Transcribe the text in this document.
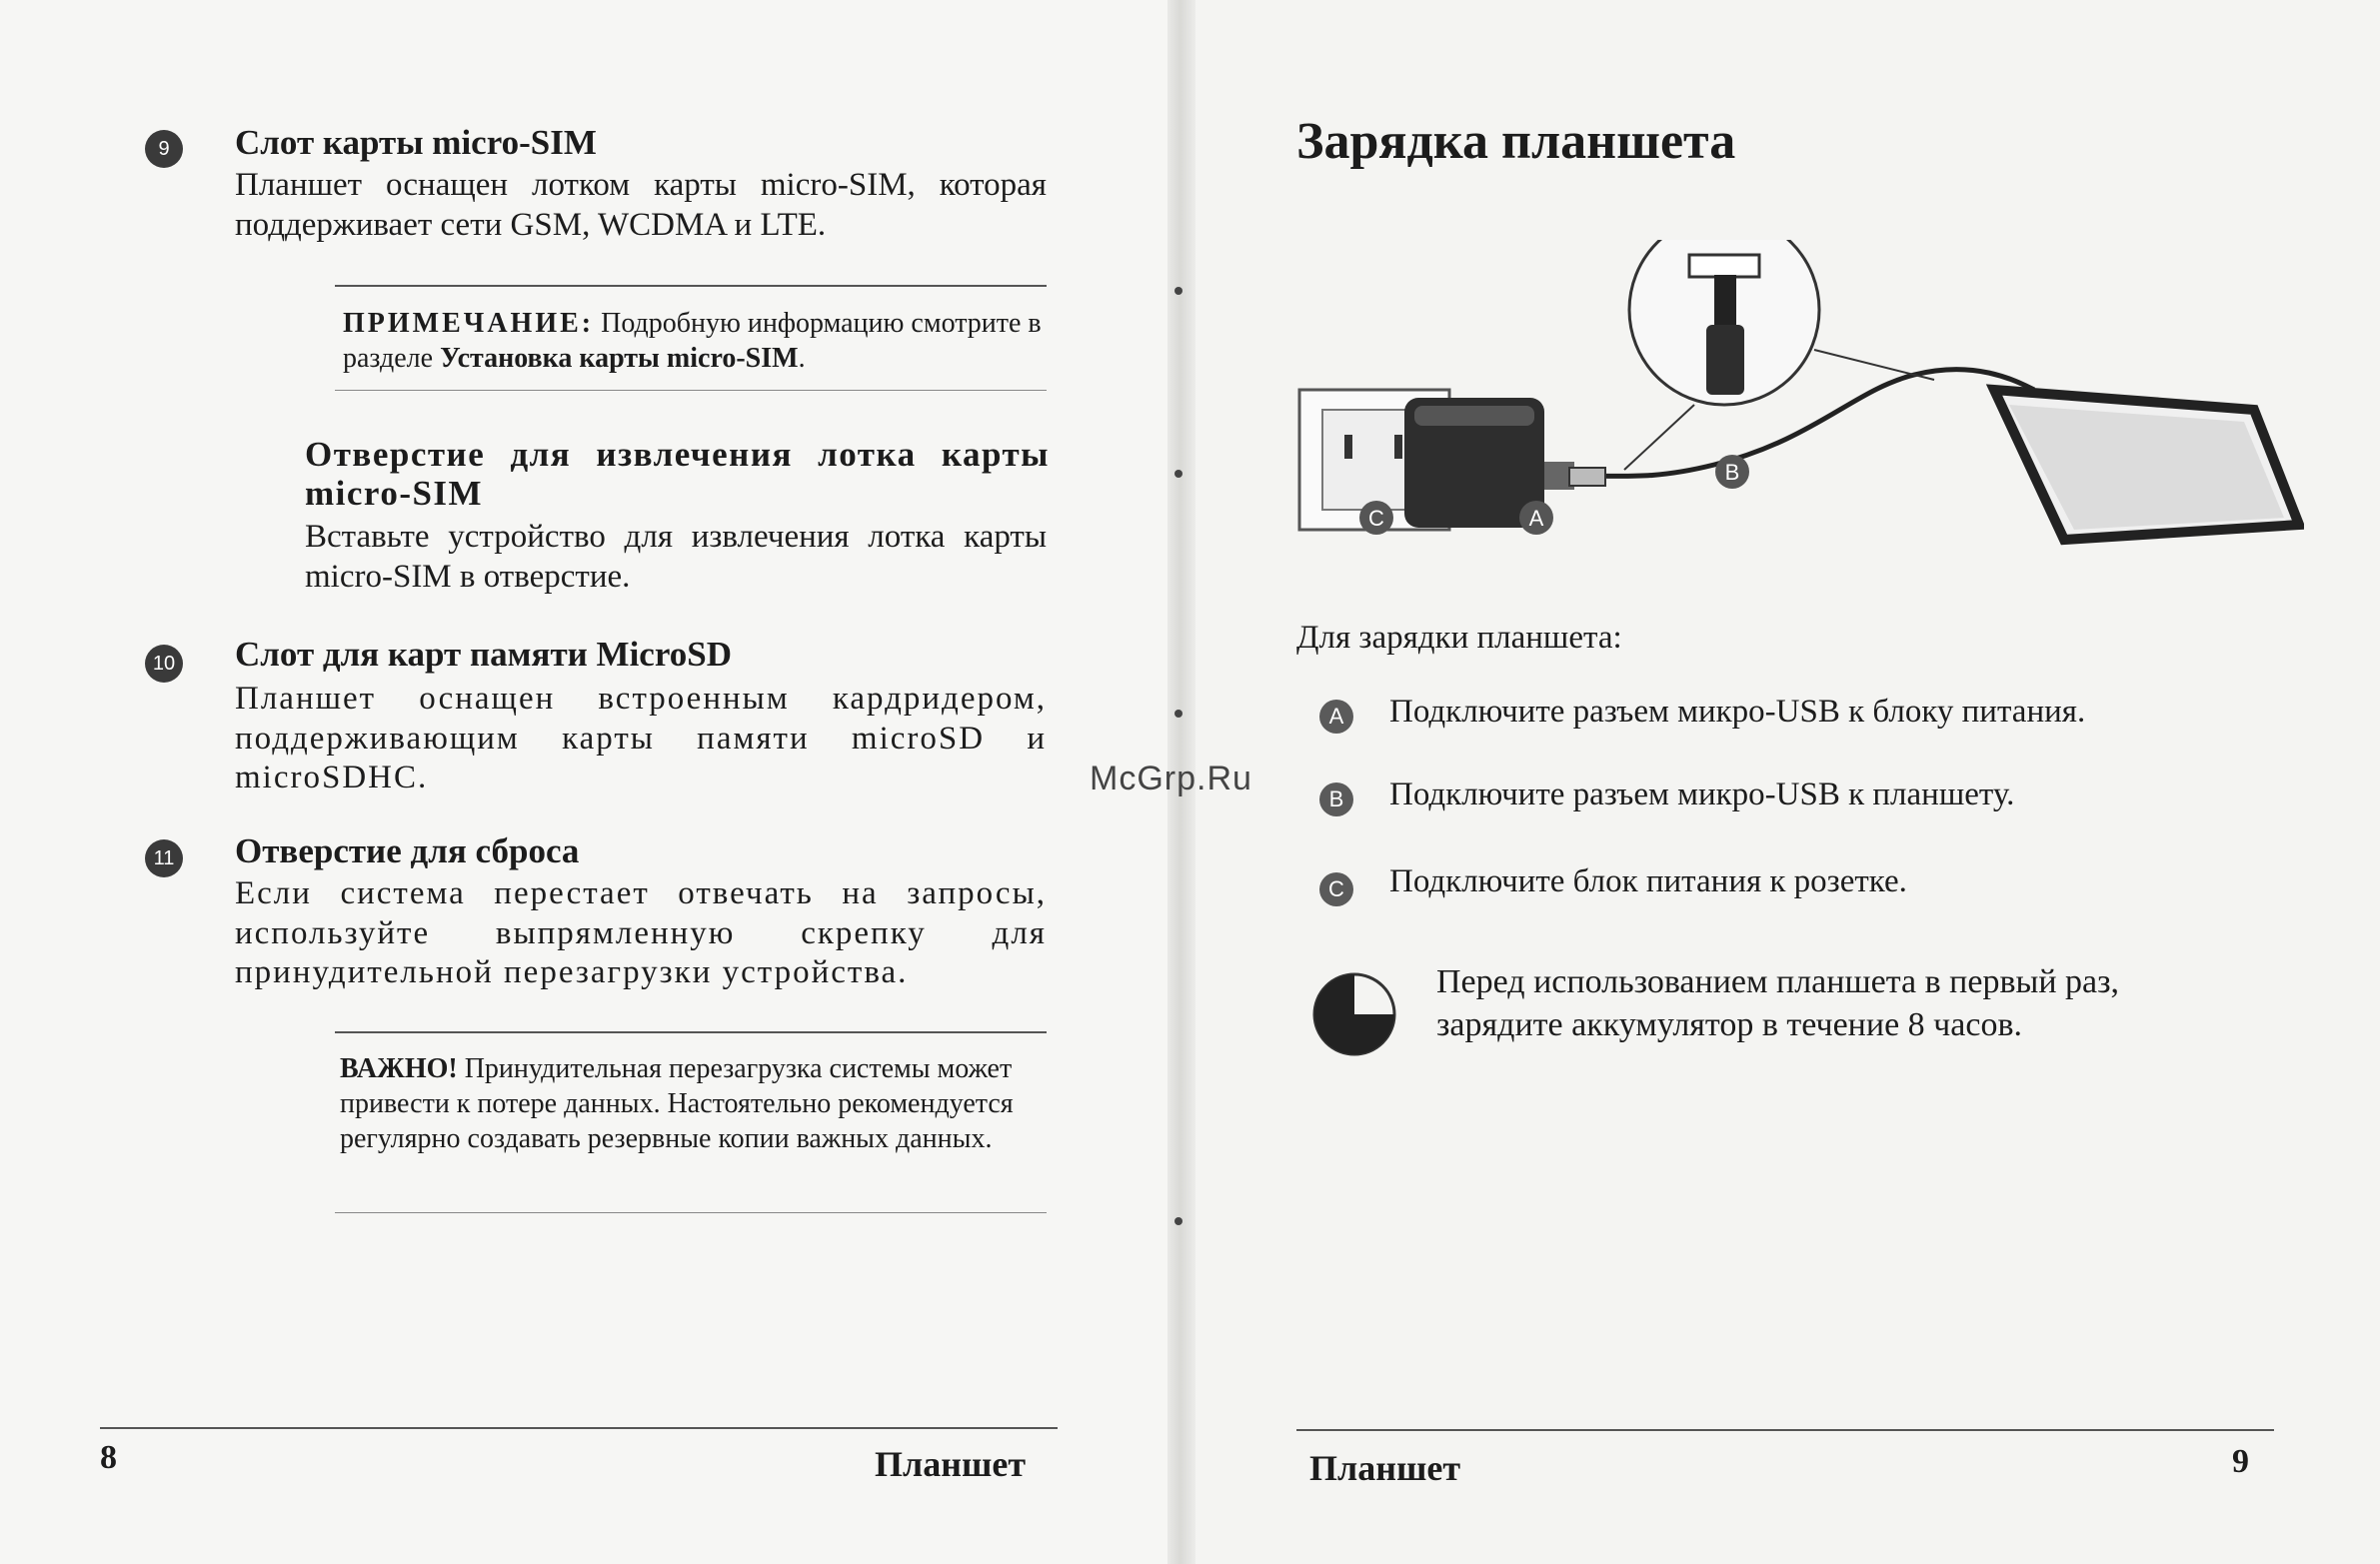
9	Слот карты micro-SIM
Планшет оснащен лотком карты micro-SIM, которая поддерживает сети GSM, WCDMA и LTE.
ПРИМЕЧАНИЕ: Подробную информацию смотрите в разделе Установка карты micro-SIM.
Отверстие для извлечения лотка карты micro-SIM
Вставьте устройство для извлечения лотка карты micro-SIM в отверстие.
10 Слот для карт памяти MicroSD
Планшет оснащен встроенным кардридером, поддерживающим карты памяти microSD и microSDHC.
11 Отверстие для сброса
Если система перестает отвечать на запросы, используйте выпрямленную скрепку для принудительной перезагрузки устройства.
ВАЖНО! Принудительная перезагрузка системы может привести к потере данных. Настоятельно рекомендуется регулярно создавать резервные копии важных данных.
8	Планшет
Зарядка планшета
C	A
B
Для зарядки планшета:
A Подключите разъем микро-USB к блоку питания.
B Подключите разъем микро-USB к планшету.
C Подключите блок питания к розетке.
Перед использованием планшета в первый раз, зарядите аккумулятор в течение 8 часов.
Планшет	9
McGrp.Ru
